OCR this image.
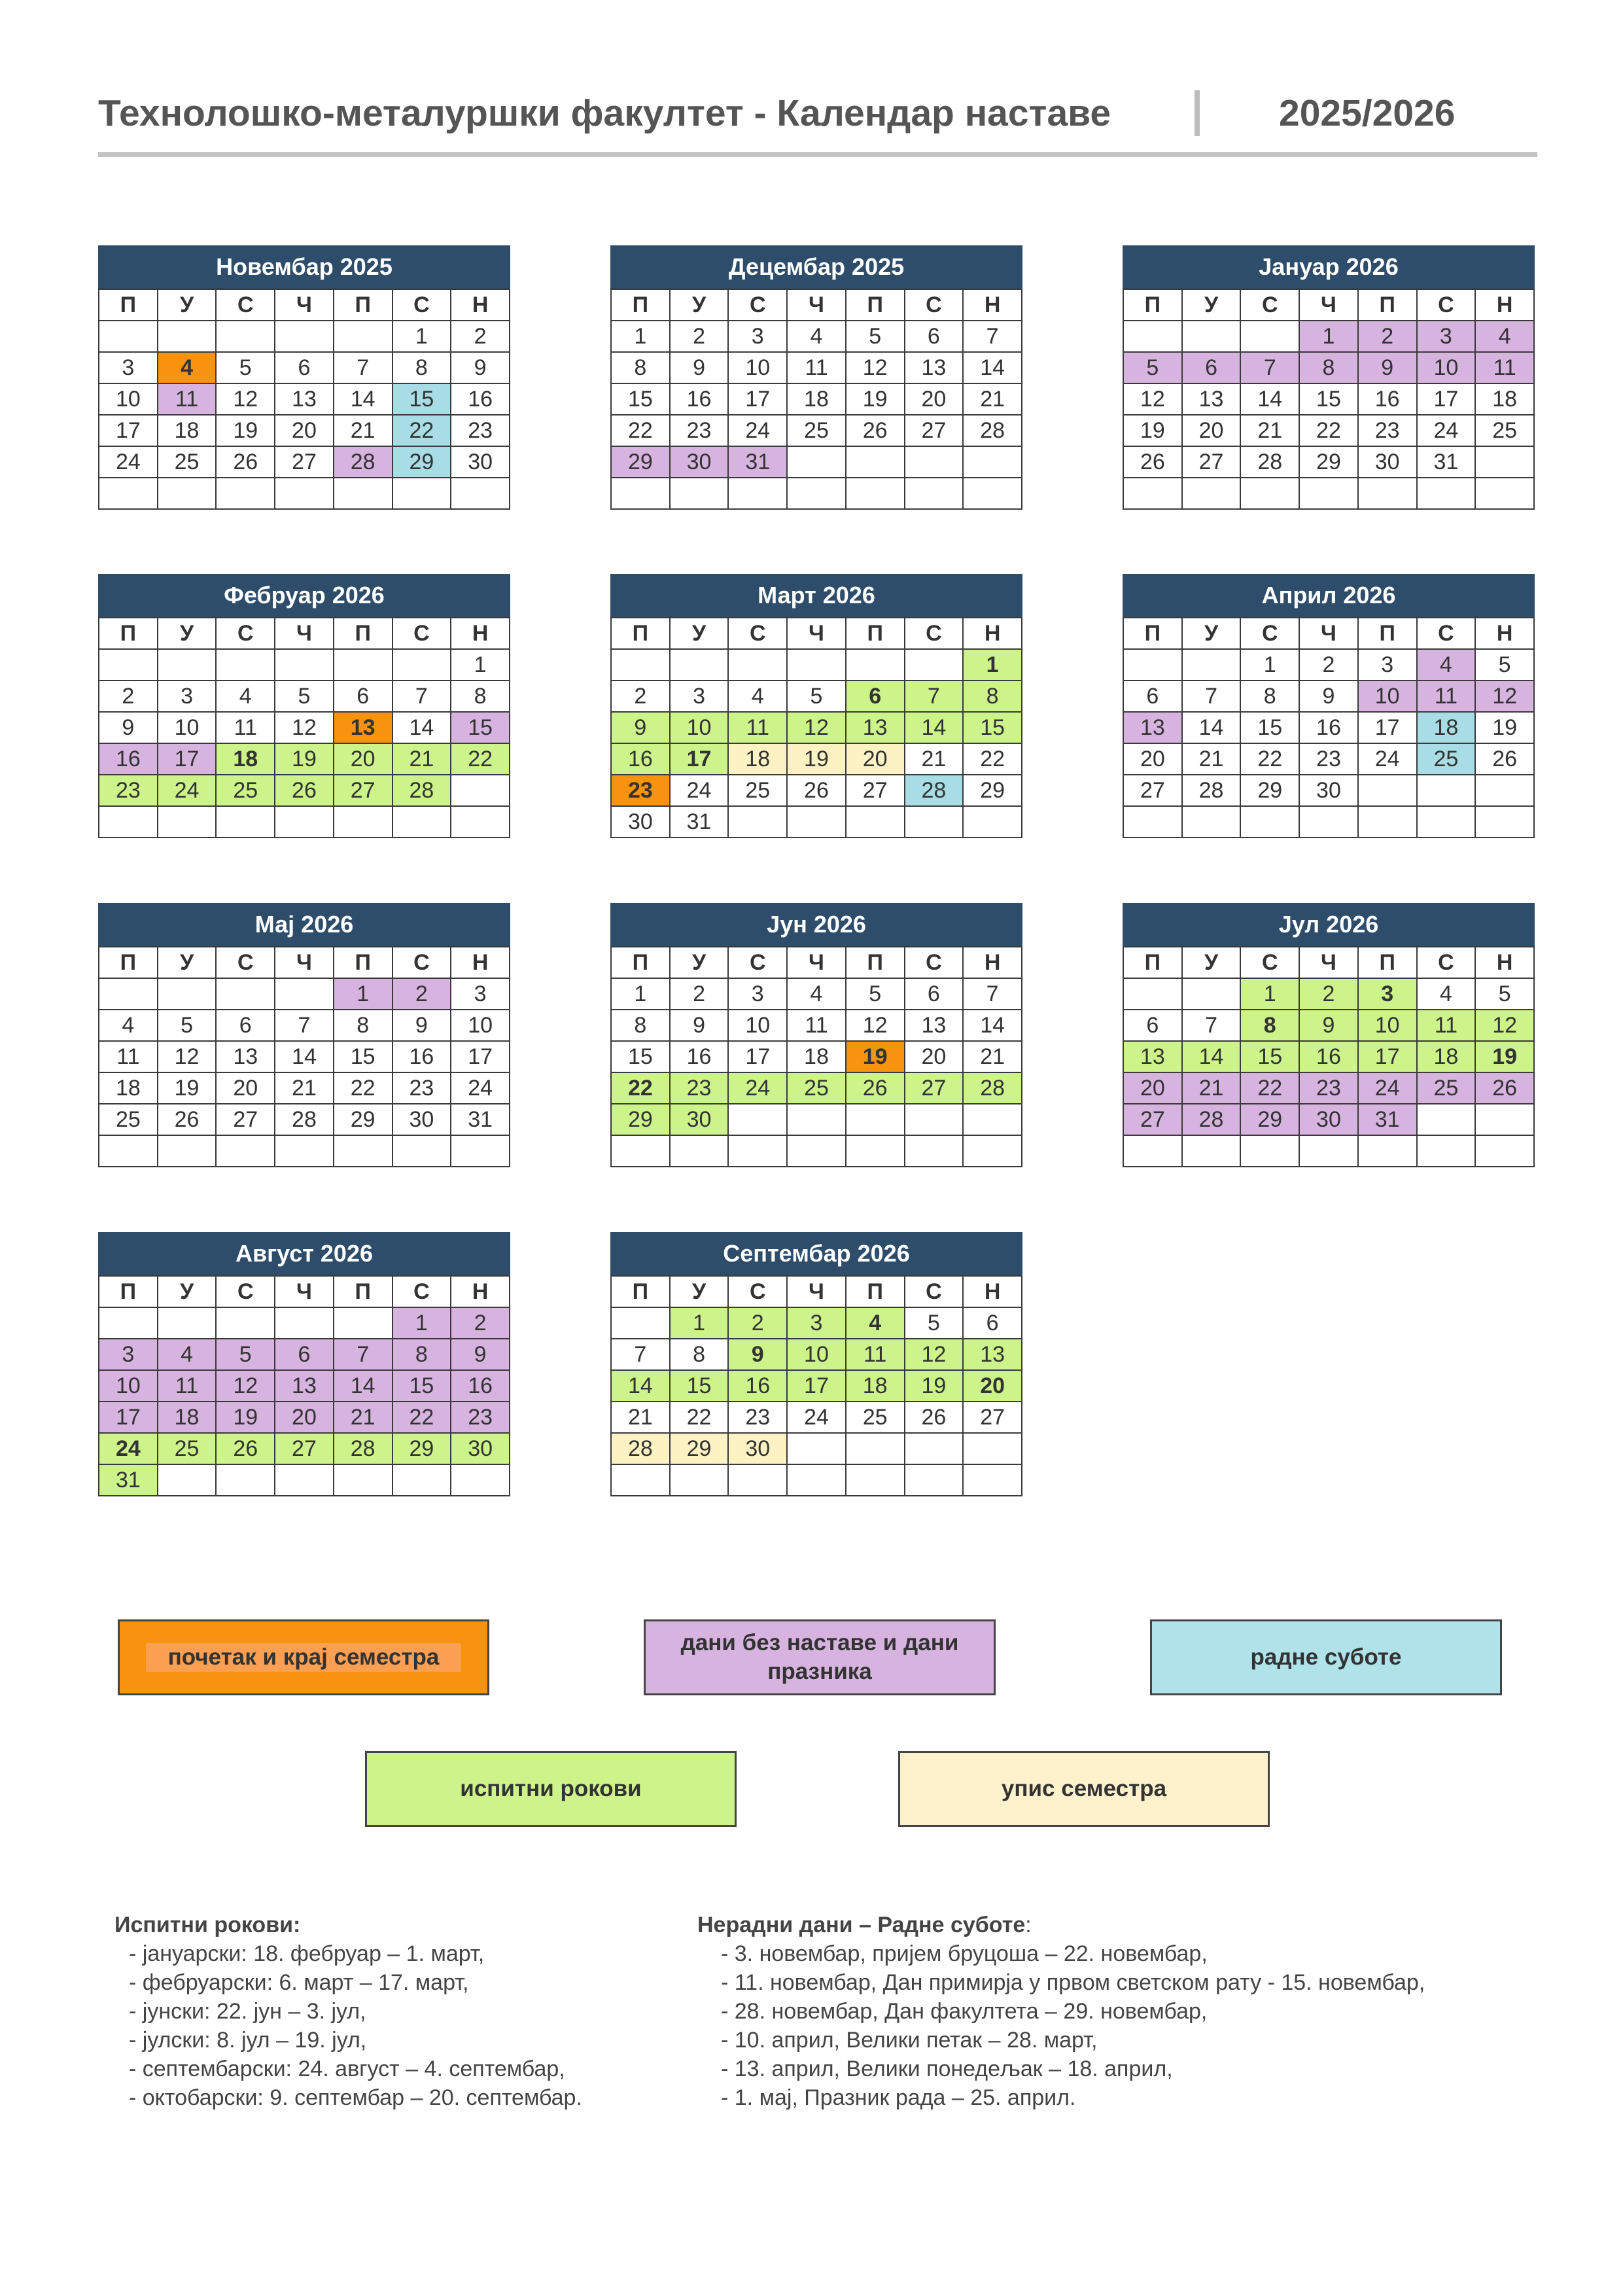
Технолошко-металуршки факултет - Календар наставе	2025/2026
Новембар 2025
П	У	С	Ч	П	С	Н
					1	2
3	4	5	6	7	8	9
10	11	12	13	14	15	16
17	18	19	20	21	22	23
24	25	26	27	28	29	30

Децембар 2025
П	У	С	Ч	П	С	Н
1	2	3	4	5	6	7
8	9	10	11	12	13	14
15	16	17	18	19	20	21
22	23	24	25	26	27	28
29	30	31				

Јануар 2026
П	У	С	Ч	П	С	Н
			1	2	3	4
5	6	7	8	9	10	11
12	13	14	15	16	17	18
19	20	21	22	23	24	25
26	27	28	29	30	31	

Фебруар 2026
П	У	С	Ч	П	С	Н
						1
2	3	4	5	6	7	8
9	10	11	12	13	14	15
16	17	18	19	20	21	22
23	24	25	26	27	28	

Март 2026
П	У	С	Ч	П	С	Н
						1
2	3	4	5	6	7	8
9	10	11	12	13	14	15
16	17	18	19	20	21	22
23	24	25	26	27	28	29
30	31					
Април 2026
П	У	С	Ч	П	С	Н
		1	2	3	4	5
6	7	8	9	10	11	12
13	14	15	16	17	18	19
20	21	22	23	24	25	26
27	28	29	30			

Мај 2026
П	У	С	Ч	П	С	Н
				1	2	3
4	5	6	7	8	9	10
11	12	13	14	15	16	17
18	19	20	21	22	23	24
25	26	27	28	29	30	31

Јун 2026
П	У	С	Ч	П	С	Н
1	2	3	4	5	6	7
8	9	10	11	12	13	14
15	16	17	18	19	20	21
22	23	24	25	26	27	28
29	30					

Јул 2026
П	У	С	Ч	П	С	Н
		1	2	3	4	5
6	7	8	9	10	11	12
13	14	15	16	17	18	19
20	21	22	23	24	25	26
27	28	29	30	31		

Август 2026
П	У	С	Ч	П	С	Н
					1	2
3	4	5	6	7	8	9
10	11	12	13	14	15	16
17	18	19	20	21	22	23
24	25	26	27	28	29	30
31						
Септембар 2026
П	У	С	Ч	П	С	Н
	1	2	3	4	5	6
7	8	9	10	11	12	13
14	15	16	17	18	19	20
21	22	23	24	25	26	27
28	29	30				

почетак и крај семестра
дани без наставе и дани празника
радне суботе
испитни рокови	упис семестра
Испитни рокови:
- јануарски: 18. фебруар – 1. март,
- фебруарски: 6. март – 17. март,
- јунски: 22. јун – 3. јул,
- јулски: 8. јул – 19. јул,
- септембарски: 24. август – 4. септембар,
- октобарски: 9. септембар – 20. септембар.
Нерадни дани – Радне суботе:
- 3. новембар, пријем бруцоша – 22. новембар,
- 11. новембар, Дан примирја у првом светском рату - 15. новембар,
- 28. новембар, Дан факултета – 29. новембар,
- 10. април, Велики петак – 28. март,
- 13. април, Велики понедељак – 18. април,
- 1. мај, Празник рада – 25. април.
